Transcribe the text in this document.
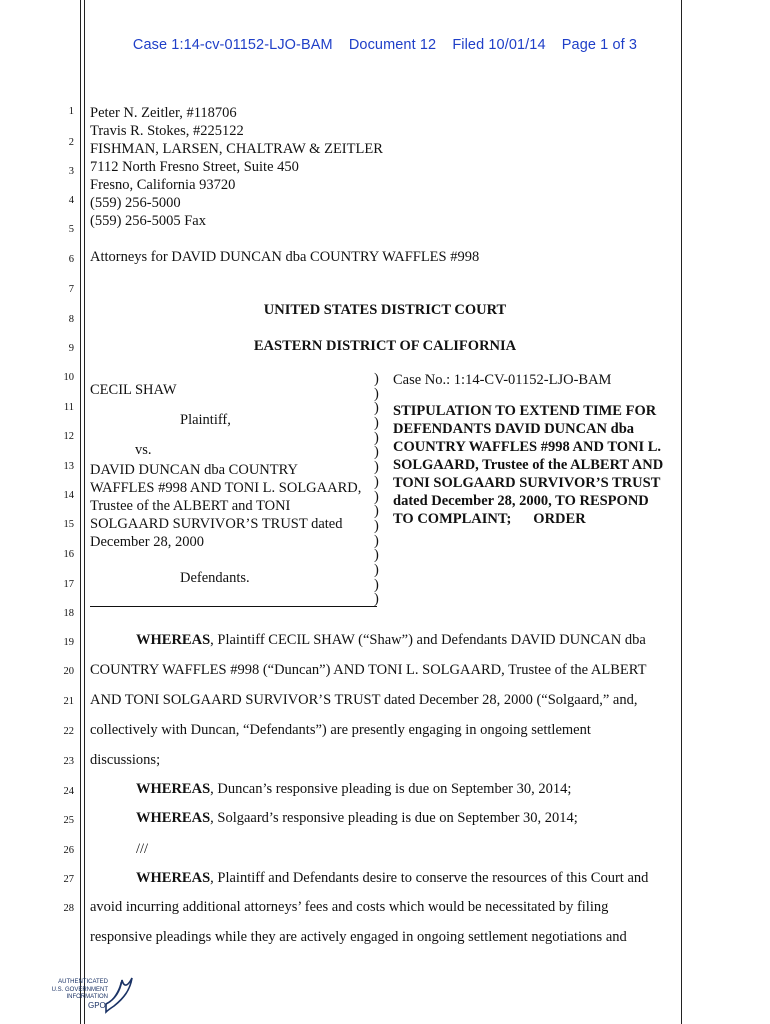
Case 1:14-cv-01152-LJO-BAM Document 12 Filed 10/01/14 Page 1 of 3
1
2
3
4
5
6
7
8
9
10
11
12
13
14
15
16
17
18
19
20
21
22
23
24
25
26
27
28
Peter N. Zeitler, #118706
Travis R. Stokes, #225122
FISHMAN, LARSEN, CHALTRAW & ZEITLER
7112 North Fresno Street, Suite 450
Fresno, California 93720
(559) 256-5000
(559) 256-5005 Fax
Attorneys for DAVID DUNCAN dba COUNTRY WAFFLES #998
UNITED STATES DISTRICT COURT
EASTERN DISTRICT OF CALIFORNIA
CECIL SHAW
Plaintiff,
vs.
DAVID DUNCAN dba COUNTRY
WAFFLES #998 AND TONI L. SOLGAARD,
Trustee of the ALBERT and TONI
SOLGAARD SURVIVOR’S TRUST dated
December 28, 2000
Defendants.
)
)
)
)
)
)
)
)
)
)
)
)
)
)
)
)
Case No.: 1:14-CV-01152-LJO-BAM
STIPULATION TO EXTEND TIME FOR
DEFENDANTS DAVID DUNCAN dba
COUNTRY WAFFLES #998 AND TONI L.
SOLGAARD, Trustee of the ALBERT AND
TONI SOLGAARD SURVIVOR’S TRUST
dated December 28, 2000, TO RESPOND
TO COMPLAINT; ORDER
WHEREAS, Plaintiff CECIL SHAW (“Shaw”) and Defendants DAVID DUNCAN dba
COUNTRY WAFFLES #998 (“Duncan”) AND TONI L. SOLGAARD, Trustee of the ALBERT
AND TONI SOLGAARD SURVIVOR’S TRUST dated December 28, 2000 (“Solgaard,” and,
collectively with Duncan, “Defendants”) are presently engaging in ongoing settlement
discussions;
WHEREAS, Duncan’s responsive pleading is due on September 30, 2014;
WHEREAS, Solgaard’s responsive pleading is due on September 30, 2014;
///
WHEREAS, Plaintiff and Defendants desire to conserve the resources of this Court and
avoid incurring additional attorneys’ fees and costs which would be necessitated by filing
responsive pleadings while they are actively engaged in ongoing settlement negotiations and
AUTHENTICATED
U.S. GOVERNMENT
INFORMATION
GPO
